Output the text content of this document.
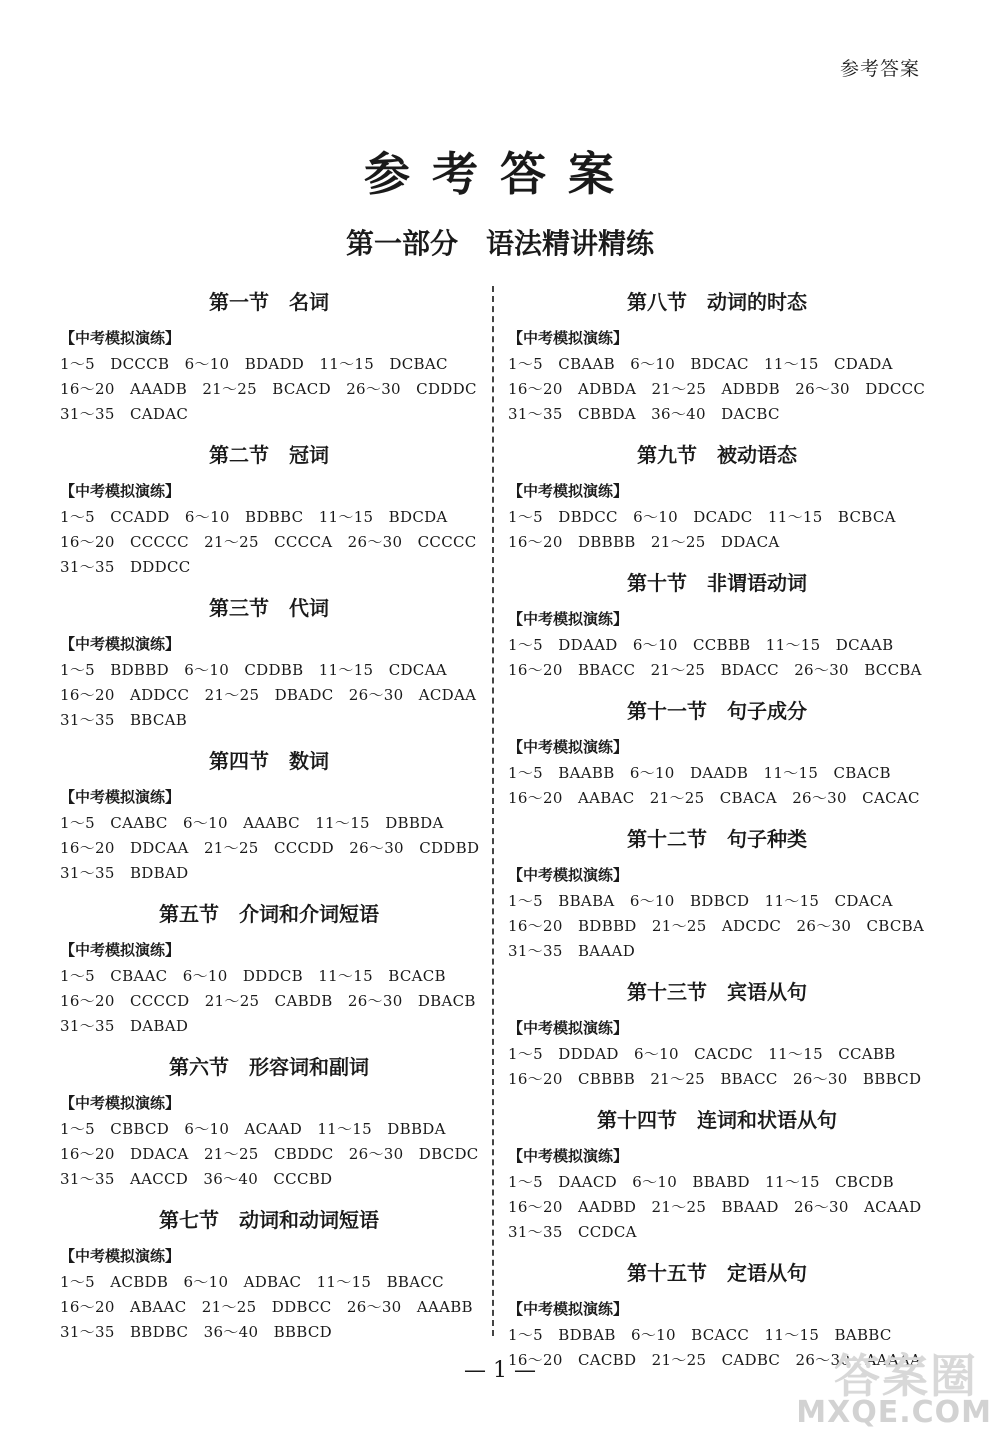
参考答案
参考答案
第一部分　语法精讲精练
第一节　名词
【中考模拟演练】
1～5　DCCCB　6～10　BDADD　11～15　DCBAC
16～20　AAADB　21～25　BCACD　26～30　CDDDC
31～35　CADAC
第二节　冠词
【中考模拟演练】
1～5　CCADD　6～10　BDBBC　11～15　BDCDA
16～20　CCCCC　21～25　CCCCA　26～30　CCCCC
31～35　DDDCC
第三节　代词
【中考模拟演练】
1～5　BDBBD　6～10　CDDBB　11～15　CDCAA
16～20　ADDCC　21～25　DBADC　26～30　ACDAA
31～35　BBCAB
第四节　数词
【中考模拟演练】
1～5　CAABC　6～10　AAABC　11～15　DBBDA
16～20　DDCAA　21～25　CCCDD　26～30　CDDBD
31～35　BDBAD
第五节　介词和介词短语
【中考模拟演练】
1～5　CBAAC　6～10　DDDCB　11～15　BCACB
16～20　CCCCD　21～25　CABDB　26～30　DBACB
31～35　DABAD
第六节　形容词和副词
【中考模拟演练】
1～5　CBBCD　6～10　ACAAD　11～15　DBBDA
16～20　DDACA　21～25　CBDDC　26～30　DBCDC
31～35　AACCD　36～40　CCCBD
第七节　动词和动词短语
【中考模拟演练】
1～5　ACBDB　6～10　ADBAC　11～15　BBACC
16～20　ABAAC　21～25　DDBCC　26～30　AAABB
31～35　BBDBC　36～40　BBBCD
第八节　动词的时态
【中考模拟演练】
1～5　CBAAB　6～10　BDCAC　11～15　CDADA
16～20　ADBDA　21～25　ADBDB　26～30　DDCCC
31～35　CBBDA　36～40　DACBC
第九节　被动语态
【中考模拟演练】
1～5　DBDCC　6～10　DCADC　11～15　BCBCA
16～20　DBBBB　21～25　DDACA
第十节　非谓语动词
【中考模拟演练】
1～5　DDAAD　6～10　CCBBB　11～15　DCAAB
16～20　BBACC　21～25　BDACC　26～30　BCCBA
第十一节　句子成分
【中考模拟演练】
1～5　BAABB　6～10　DAADB　11～15　CBACB
16～20　AABAC　21～25　CBACA　26～30　CACAC
第十二节　句子种类
【中考模拟演练】
1～5　BBABA　6～10　BDBCD　11～15　CDACA
16～20　BDBBD　21～25　ADCDC　26～30　CBCBA
31～35　BAAAD
第十三节　宾语从句
【中考模拟演练】
1～5　DDDAD　6～10　CACDC　11～15　CCABB
16～20　CBBBB　21～25　BBACC　26～30　BBBCD
第十四节　连词和状语从句
【中考模拟演练】
1～5　DAACD　6～10　BBABD　11～15　CBCDB
16～20　AADBD　21～25　BBAAD　26～30　ACAAD
31～35　CCDCA
第十五节　定语从句
【中考模拟演练】
1～5　BDBAB　6～10　BCACC　11～15　BABBC
16～20　CACBD　21～25　CADBC　26～30　AAAAA
— 1 —	答案圈
MXQE.COM
